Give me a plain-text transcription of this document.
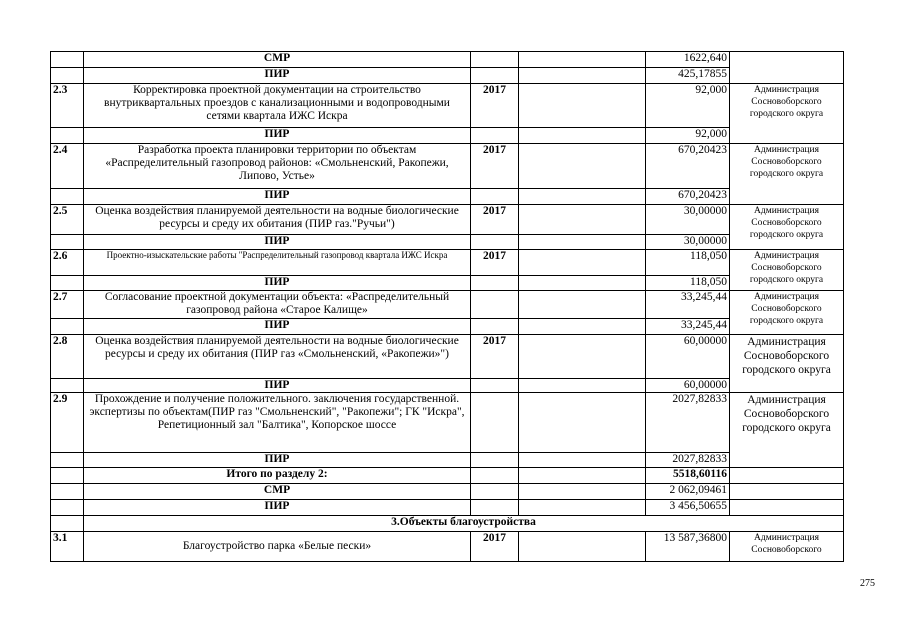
	СМР			1622,640	
	ПИР			425,17855	
2.3	Корректировка проектной документации на строительство внутриквартальных проездов с канализационными и водопроводными сетями квартала ИЖС Искра	2017		92,000	Администрация Сосновоборского городского округа
	ПИР			92,000	
2.4	Разработка проекта планировки территории по объектам «Распределительный газопровод районов: «Смольненский, Ракопежи, Липово, Устье»	2017		670,20423	Администрация Сосновоборского городского округа
	ПИР			670,20423	
2.5	Оценка воздействия планируемой деятельности на водные биологические ресурсы и среду их обитания (ПИР газ."Ручьи")	2017		30,00000	Администрация Сосновоборского городского округа
	ПИР			30,00000	
2.6	Проектно-изыскательские работы "Распределительный газопровод квартала ИЖС Искра	2017		118,050	Администрация Сосновоборского городского округа
	ПИР			118,050	
2.7	Согласование проектной документации объекта: «Распределительный газопровод района «Старое Калище»			33,245,44	Администрация Сосновоборского городского округа
	ПИР			33,245,44	
2.8	Оценка воздействия планируемой деятельности на водные биологические ресурсы и среду их обитания (ПИР газ «Смольненский, «Ракопежи»")	2017		60,00000	Администрация Сосновоборского городского округа
	ПИР			60,00000	
2.9	Прохождение и получение положительного. заключения государственной. экспертизы по объектам(ПИР газ "Смольненский", "Ракопежи"; ГК "Искра", Репетиционный зал "Балтика", Копорское шоссе			2027,82833	Администрация Сосновоборского городского округа
	ПИР			2027,82833	
	Итого по разделу 2:			5518,60116	
	СМР			2 062,09461	
	ПИР			3 456,50655	
	3.Объекты благоустройства				
3.1	Благоустройство парка «Белые пески»	2017		13 587,36800	Администрация Сосновоборского
275
